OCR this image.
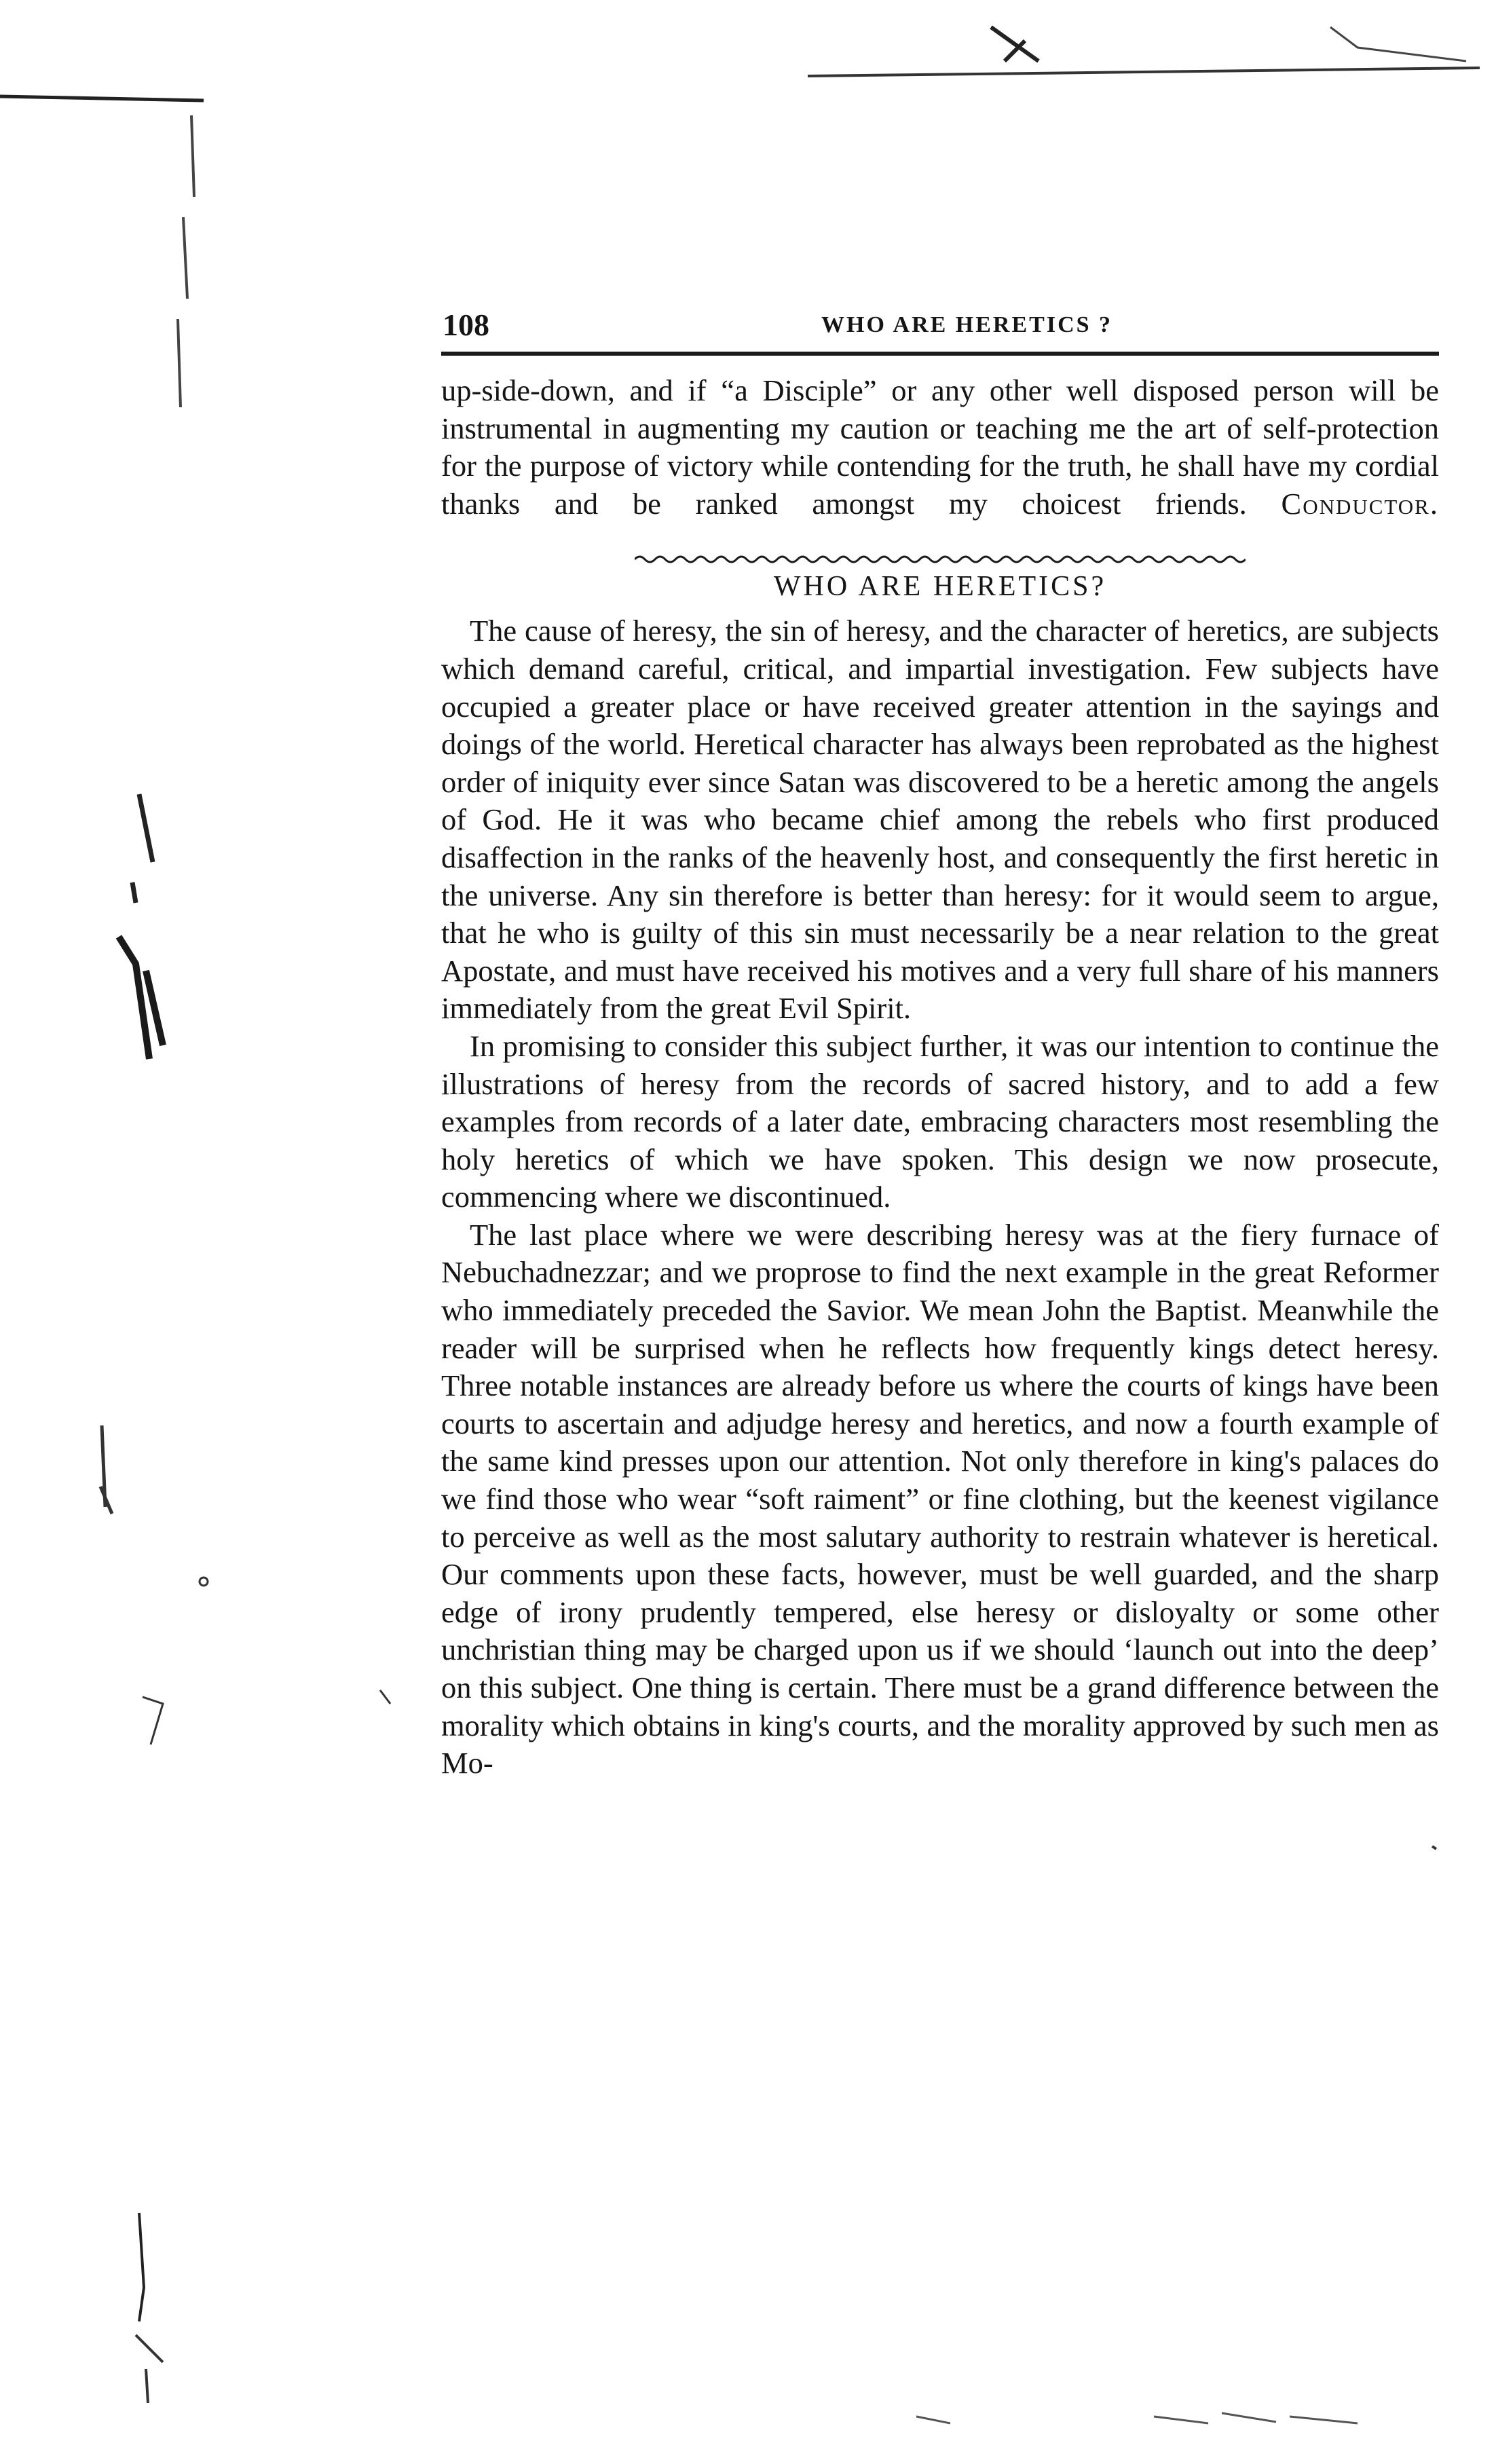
108	WHO ARE HERETICS ?

up-side-down, and if “a Disciple” or any other well disposed person will be instrumental in augmenting my caution or teaching me the art of self-protection for the purpose of victory while contending for the truth, he shall have my cordial thanks and be ranked amongst my choicest friends. Conductor.

WHO ARE HERETICS?

The cause of heresy, the sin of heresy, and the character of heretics, are subjects which demand careful, critical, and impartial investigation. Few subjects have occupied a greater place or have received greater attention in the sayings and doings of the world. Heretical character has always been reprobated as the highest order of iniquity ever since Satan was discovered to be a heretic among the angels of God. He it was who became chief among the rebels who first produced disaffection in the ranks of the heavenly host, and consequently the first heretic in the universe. Any sin therefore is better than heresy: for it would seem to argue, that he who is guilty of this sin must necessarily be a near relation to the great Apostate, and must have received his motives and a very full share of his manners immediately from the great Evil Spirit.

In promising to consider this subject further, it was our intention to continue the illustrations of heresy from the records of sacred history, and to add a few examples from records of a later date, embracing characters most resembling the holy heretics of which we have spoken. This design we now prosecute, commencing where we discontinued.

The last place where we were describing heresy was at the fiery furnace of Nebuchadnezzar; and we proprose to find the next example in the great Reformer who immediately preceded the Savior. We mean John the Baptist. Meanwhile the reader will be surprised when he reflects how frequently kings detect heresy. Three notable instances are already before us where the courts of kings have been courts to ascertain and adjudge heresy and heretics, and now a fourth example of the same kind presses upon our attention. Not only therefore in king's palaces do we find those who wear “soft raiment” or fine clothing, but the keenest vigilance to perceive as well as the most salutary authority to restrain whatever is heretical. Our comments upon these facts, however, must be well guarded, and the sharp edge of irony prudently tempered, else heresy or disloyalty or some other unchristian thing may be charged upon us if we should ‘launch out into the deep’ on this subject. One thing is certain. There must be a grand difference between the morality which obtains in king's courts, and the morality approved by such men as Mo-
